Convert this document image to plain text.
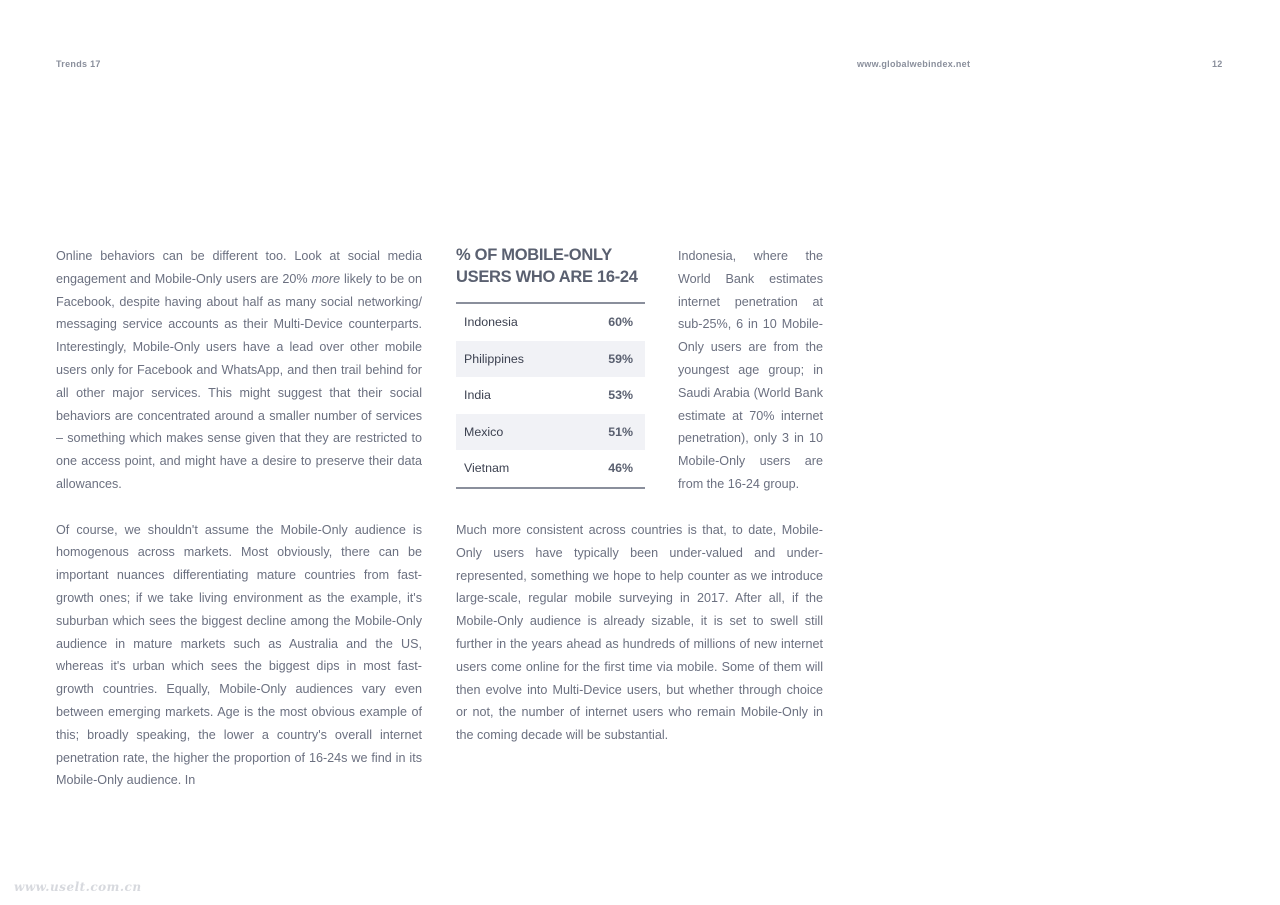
Trends 17	www.globalwebindex.net	12

Online behaviors can be different too. Look at social media engagement and Mobile-Only users are 20% more likely to be on Facebook, despite having about half as many social networking/ messaging service accounts as their Multi-Device counterparts. Interestingly, Mobile-Only users have a lead over other mobile users only for Facebook and WhatsApp, and then trail behind for all other major services. This might suggest that their social behaviors are concentrated around a smaller number of services – something which makes sense given that they are restricted to one access point, and might have a desire to preserve their data allowances.

Of course, we shouldn't assume the Mobile-Only audience is homogenous across markets. Most obviously, there can be important nuances differentiating mature countries from fast-growth ones; if we take living environment as the example, it's suburban which sees the biggest decline among the Mobile-Only audience in mature markets such as Australia and the US, whereas it's urban which sees the biggest dips in most fast-growth countries. Equally, Mobile-Only audiences vary even between emerging markets. Age is the most obvious example of this; broadly speaking, the lower a country's overall internet penetration rate, the higher the proportion of 16-24s we find in its Mobile-Only audience. In

% OF MOBILE-ONLY USERS WHO ARE 16-24
Indonesia	60%
Philippines	59%
India	53%
Mexico	51%
Vietnam	46%

Indonesia, where the World Bank estimates internet penetration at sub-25%, 6 in 10 Mobile-Only users are from the youngest age group; in Saudi Arabia (World Bank estimate at 70% internet penetration), only 3 in 10 Mobile-Only users are from the 16-24 group.

Much more consistent across countries is that, to date, Mobile-Only users have typically been under-valued and under-represented, something we hope to help counter as we introduce large-scale, regular mobile surveying in 2017. After all, if the Mobile-Only audience is already sizable, it is set to swell still further in the years ahead as hundreds of millions of new internet users come online for the first time via mobile. Some of them will then evolve into Multi-Device users, but whether through choice or not, the number of internet users who remain Mobile-Only in the coming decade will be substantial.

www.uselt.com.cn
